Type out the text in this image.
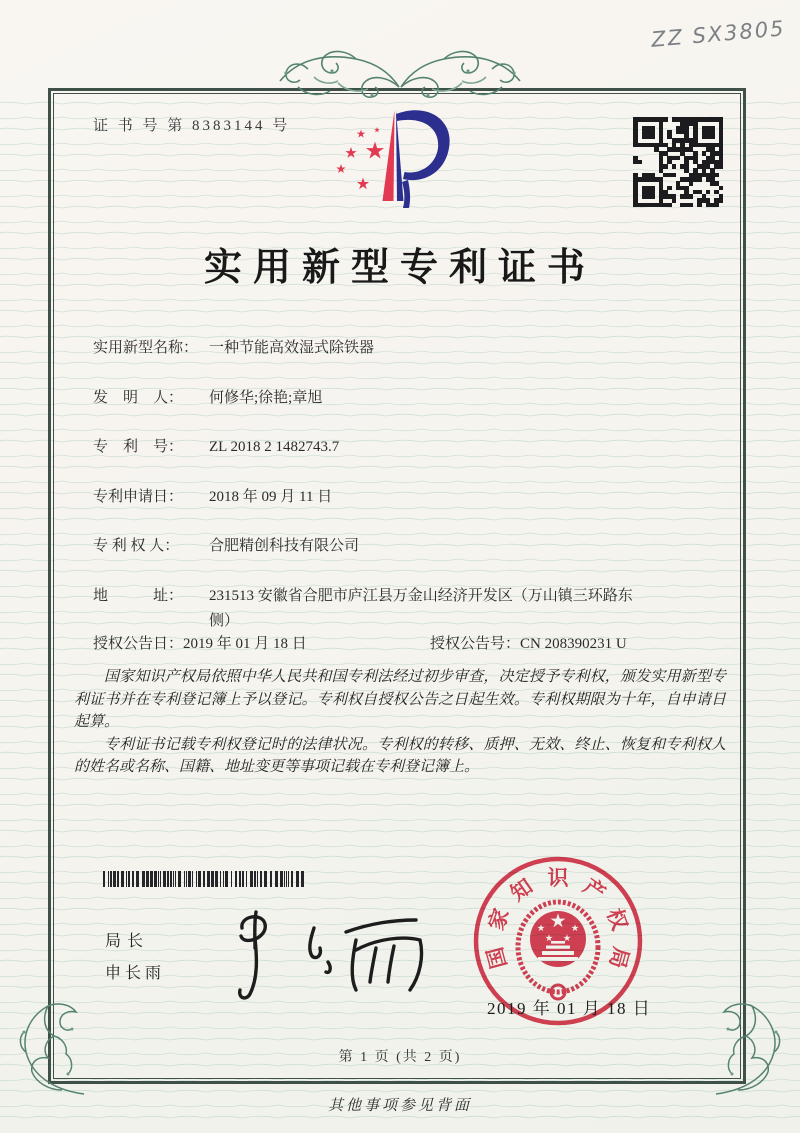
ZZ SX3805
证 书 号 第 8383144 号
实用新型专利证书
实用新型名称： 一种节能高效湿式除铁器
发　明　人：	何修华;徐艳;章旭
专　利　号：	ZL 2018 2 1482743.7
专利申请日：	2018 年 09 月 11 日
专 利 权 人：	合肥精创科技有限公司
地　　　址：	231513 安徽省合肥市庐江县万金山经济开发区（万山镇三环路东侧）
授权公告日：2019 年 01 月 18 日	授权公告号：CN 208390231 U

国家知识产权局依照中华人民共和国专利法经过初步审查，决定授予专利权，颁发实用新型专利证书并在专利登记簿上予以登记。专利权自授权公告之日起生效。专利权期限为十年，自申请日起算。

专利证书记载专利权登记时的法律状况。专利权的转移、质押、无效、终止、恢复和专利权人的姓名或名称、国籍、地址变更等事项记载在专利登记簿上。

局长
申长雨
国
家
知 识 产
权
局
2019 年 01 月 18 日
第 1 页 (共 2 页)
其他事项参见背面
